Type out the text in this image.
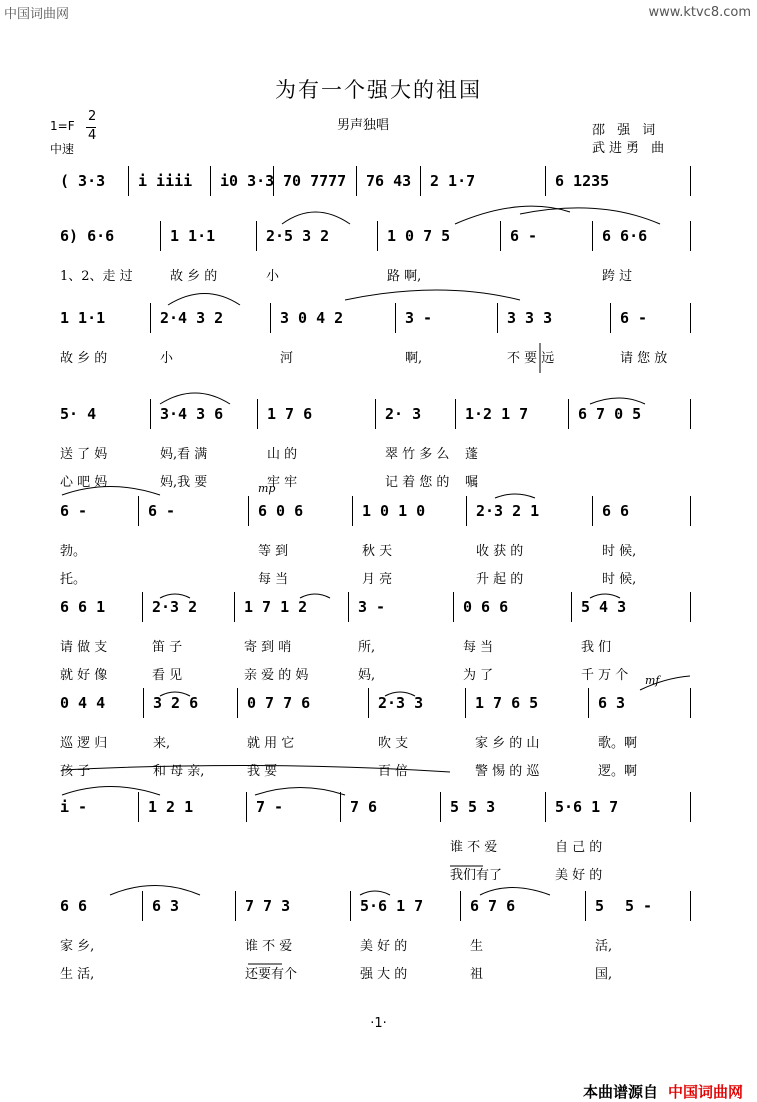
中国词曲网	www.ktvc8.com
为有一个强大的祖国
1=F
2
4
中速
男声独唱	邵 强 词
武进勇 曲
( 3·3 i iiii i0 3·3 70 7777 76 43 2 1·7	6 1235
6) 6·6	1 1·1	2·5 3 2	1 0 7 5	6 -	6 6·6
1、2、走 过	故 乡 的	小	路 啊,	跨 过
1 1·1	2·4 3 2	3 0 4 2	3 -	3 3 3	6 -
故 乡 的	小	河	啊,	不 要 远	请 您 放
5· 4	3·4 3 6	1 7 6	2· 3	1·2 1 7	6 7 0 5
送 了 妈	妈,看 满	山 的	翠 竹 多 么 蓬
心 吧 妈	妈,我 要	牢 牢	记 着 您 的 嘱
6 -	6 -	6 0 6	1 0 1 0	2·3 2 1	6 6
勃。	等 到	秋 天	收 获 的	时 候,
托。	每 当	月 亮	升 起 的	时 候,
mp
6 6 1	2·3 2	1 7 1 2	3 -	0 6 6	5 4 3
请 做 支	笛 子	寄 到 哨	所,	每 当	我 们
就 好 像	看 见	亲 爱 的 妈	妈,	为 了	千 万 个
0 4 4	3 2 6	0 7 7 6	2·3 3	1 7 6 5	6 3
巡 逻 归	来,	就 用 它	吹 支	家 乡 的 山	歌。啊
孩 子	和 母 亲,	我 要	百 倍	警 惕 的 巡	逻。啊
mf
i -	1 2 1	7 -	7 6	5 5 3	5·6 1 7
谁 不 爱	自 己 的
我们有了	美 好 的
6 6	6 3	7 7 3	5·6 1 7	6 7 6	5 5 -
家 乡,	谁 不 爱	美 好 的	生	活,
生 活,	还要有个	强 大 的	祖	国,
·1·

本曲谱源自 中国词曲网
